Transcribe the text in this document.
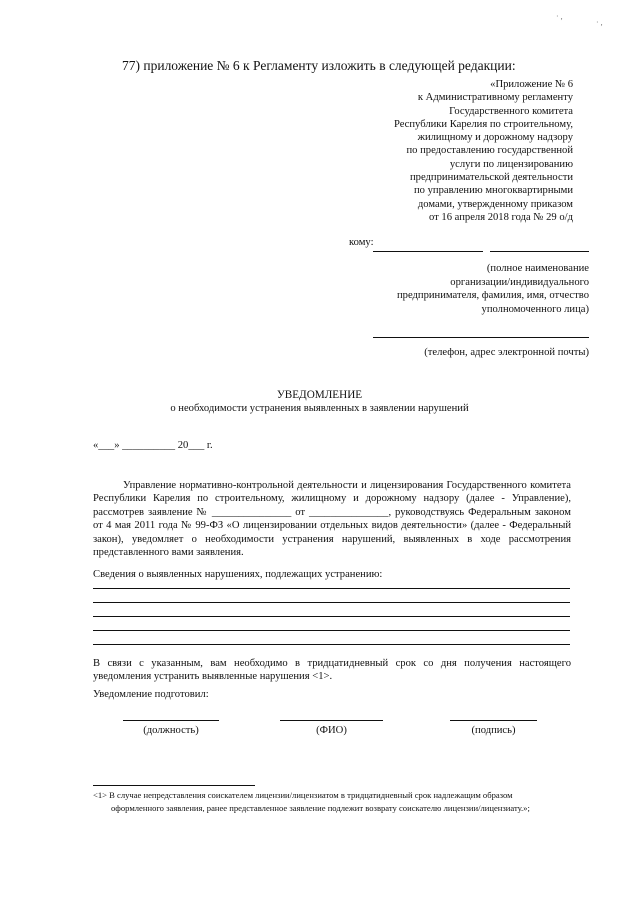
· ,
· ,
77) приложение № 6 к Регламенту изложить в следующей редакции:
«Приложение № 6
к Административному регламенту
Государственного комитета
Республики Карелия по строительному,
жилищному и дорожному надзору
по предоставлению государственной
услуги по лицензированию
предпринимательской деятельности
по управлению многоквартирными
домами, утвержденному приказом
от 16 апреля 2018 года № 29 о/д
кому:
(полное наименование
организации/индивидуального
предпринимателя, фамилия, имя, отчество
уполномоченного лица)
(телефон, адрес электронной почты)
УВЕДОМЛЕНИЕ
о необходимости устранения выявленных в заявлении нарушений
«___» __________ 20___ г.
Управление нормативно-контрольной деятельности и лицензирования Государственного комитета Республики Карелия по строительному, жилищному и дорожному надзору (далее - Управление), рассмотрев заявление № _______________ от _______________, руководствуясь Федеральным законом от 4 мая 2011 года № 99-ФЗ «О лицензировании отдельных видов деятельности» (далее - Федеральный закон), уведомляет о необходимости устранения нарушений, выявленных в ходе рассмотрения представленного вами заявления.
Сведения о выявленных нарушениях, подлежащих устранению:
В связи с указанным, вам необходимо в тридцатидневный срок со дня получения настоящего уведомления устранить выявленные нарушения <1>.
Уведомление подготовил:
(должность)	(ФИО)	(подпись)
<1> В случае непредставления соискателем лицензии/лицензиатом в тридцатидневный срок надлежащим образом
оформленного заявления, ранее представленное заявление подлежит возврату соискателю лицензии/лицензиату.»;
